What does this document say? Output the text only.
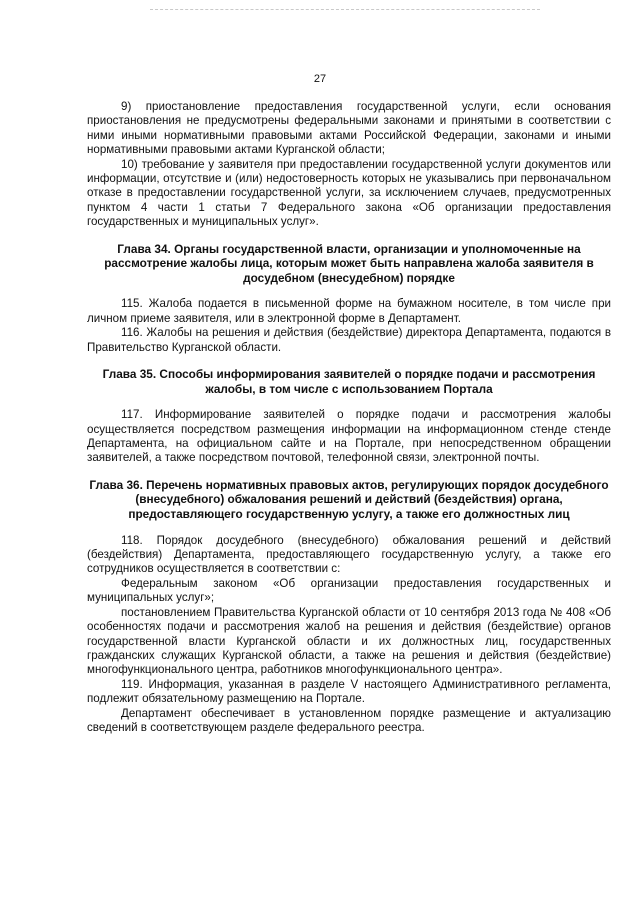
27

9) приостановление предоставления государственной услуги, если основания приостановления не предусмотрены федеральными законами и принятыми в соответствии с ними иными нормативными правовыми актами Российской Федерации, законами и иными нормативными правовыми актами Курганской области;

10) требование у заявителя при предоставлении государственной услуги документов или информации, отсутствие и (или) недостоверность которых не указывались при первоначальном отказе в предоставлении государственной услуги, за исключением случаев, предусмотренных пунктом 4 части 1 статьи 7 Федерального закона «Об организации предоставления государственных и муниципальных услуг».

Глава 34. Органы государственной власти, организации и уполномоченные на рассмотрение жалобы лица, которым может быть направлена жалоба заявителя в досудебном (внесудебном) порядке

115. Жалоба подается в письменной форме на бумажном носителе, в том числе при личном приеме заявителя, или в электронной форме в Департамент.

116. Жалобы на решения и действия (бездействие) директора Департамента, подаются в Правительство Курганской области.

Глава 35. Способы информирования заявителей о порядке подачи и рассмотрения жалобы, в том числе с использованием Портала

117. Информирование заявителей о порядке подачи и рассмотрения жалобы осуществляется посредством размещения информации на информационном стенде стенде Департамента, на официальном сайте и на Портале, при непосредственном обращении заявителей, а также посредством почтовой, телефонной связи, электронной почты.

Глава 36. Перечень нормативных правовых актов, регулирующих порядок досудебного (внесудебного) обжалования решений и действий (бездействия) органа, предоставляющего государственную услугу, а также его должностных лиц

118. Порядок досудебного (внесудебного) обжалования решений и действий (бездействия) Департамента, предоставляющего государственную услугу, а также его сотрудников осуществляется в соответствии с:

Федеральным законом «Об организации предоставления государственных и муниципальных услуг»;

постановлением Правительства Курганской области от 10 сентября 2013 года № 408 «Об особенностях подачи и рассмотрения жалоб на решения и действия (бездействие) органов государственной власти Курганской области и их должностных лиц, государственных гражданских служащих Курганской области, а также на решения и действия (бездействие) многофункционального центра, работников многофункционального центра».

119. Информация, указанная в разделе V настоящего Административного регламента, подлежит обязательному размещению на Портале.

Департамент обеспечивает в установленном порядке размещение и актуализацию сведений в соответствующем разделе федерального реестра.
